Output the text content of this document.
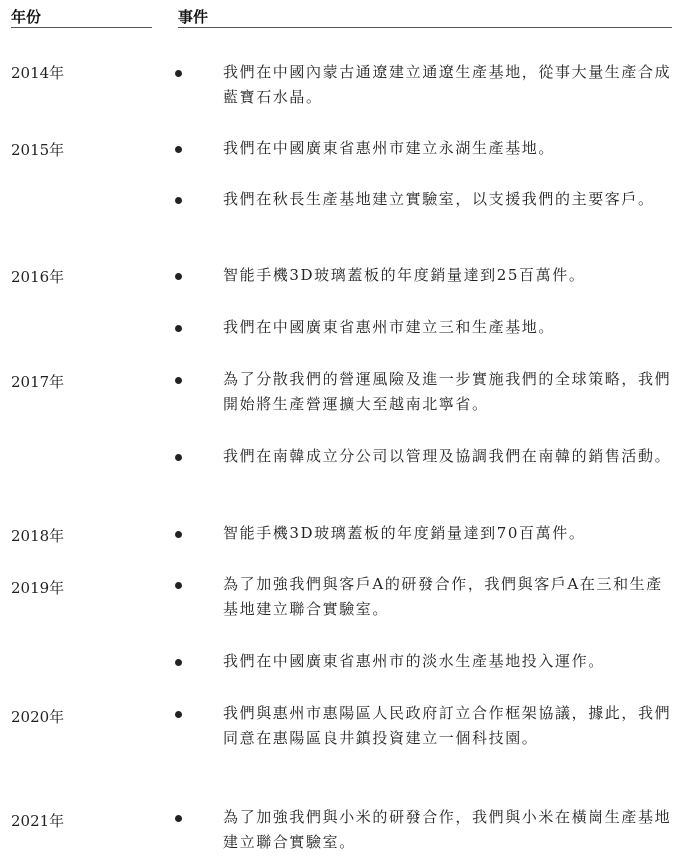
年份	事件
2014年
2015年
2016年
2017年
2018年
2019年
2020年
2021年
我們在中國內蒙古通遼建立通遼生產基地，從事大量生產合成藍寶石水晶。
我們在中國廣東省惠州市建立永湖生產基地。
我們在秋長生產基地建立實驗室，以支援我們的主要客戶。
智能手機3D玻璃蓋板的年度銷量達到25百萬件。
我們在中國廣東省惠州市建立三和生產基地。
為了分散我們的營運風險及進一步實施我們的全球策略，我們開始將生產營運擴大至越南北寧省。
我們在南韓成立分公司以管理及協調我們在南韓的銷售活動。
智能手機3D玻璃蓋板的年度銷量達到70百萬件。
為了加強我們與客戶A的研發合作，我們與客戶A在三和生產基地建立聯合實驗室。
我們在中國廣東省惠州市的淡水生產基地投入運作。
我們與惠州市惠陽區人民政府訂立合作框架協議，據此，我們同意在惠陽區良井鎮投資建立一個科技園。
為了加強我們與小米的研發合作，我們與小米在橫崗生產基地建立聯合實驗室。
